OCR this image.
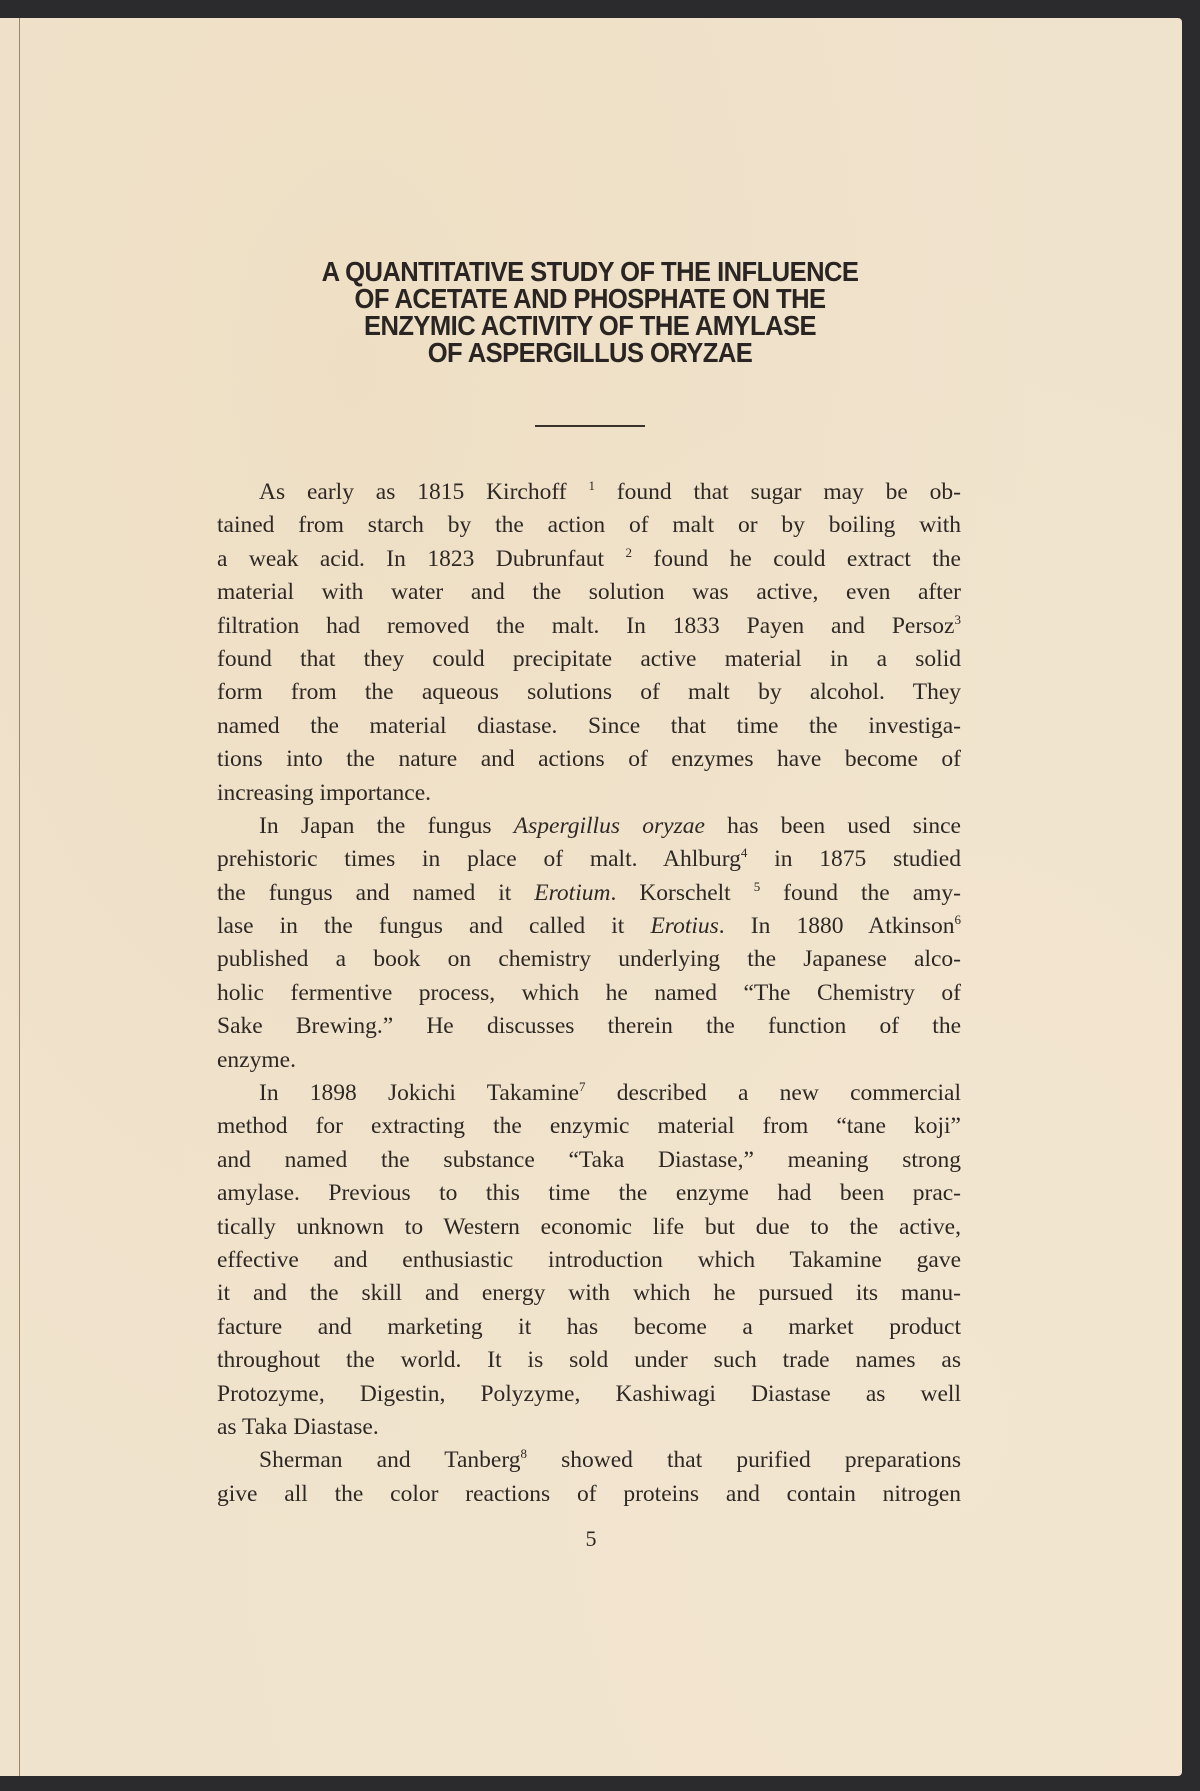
A QUANTITATIVE STUDY OF THE INFLUENCE
OF ACETATE AND PHOSPHATE ON THE
ENZYMIC ACTIVITY OF THE AMYLASE
OF ASPERGILLUS ORYZAE
As early as 1815 Kirchoff $^1$ found that sugar may be ob-
tained from starch by the action of malt or by boiling with
a weak acid. In 1823 Dubrunfaut $^2$ found he could extract the
material with water and the solution was active, even after
filtration had removed the malt. In 1833 Payen and Persoz$^3$
found that they could precipitate active material in a solid
form from the aqueous solutions of malt by alcohol. They
named the material diastase. Since that time the investiga-
tions into the nature and actions of enzymes have become of
increasing importance.
In Japan the fungus Aspergillus oryzae has been used since
prehistoric times in place of malt. Ahlburg$^4$ in 1875 studied
the fungus and named it Erotium. Korschelt $^5$ found the amy-
lase in the fungus and called it Erotius. In 1880 Atkinson$^6$
published a book on chemistry underlying the Japanese alco-
holic fermentive process, which he named “The Chemistry of
Sake Brewing.” He discusses therein the function of the
enzyme.
In 1898 Jokichi Takamine$^7$ described a new commercial
method for extracting the enzymic material from “tane koji”
and named the substance “Taka Diastase,” meaning strong
amylase. Previous to this time the enzyme had been prac-
tically unknown to Western economic life but due to the active,
effective and enthusiastic introduction which Takamine gave
it and the skill and energy with which he pursued its manu-
facture and marketing it has become a market product
throughout the world. It is sold under such trade names as
Protozyme, Digestin, Polyzyme, Kashiwagi Diastase as well
as Taka Diastase.
Sherman and Tanberg$^8$ showed that purified preparations
give all the color reactions of proteins and contain nitrogen
5
